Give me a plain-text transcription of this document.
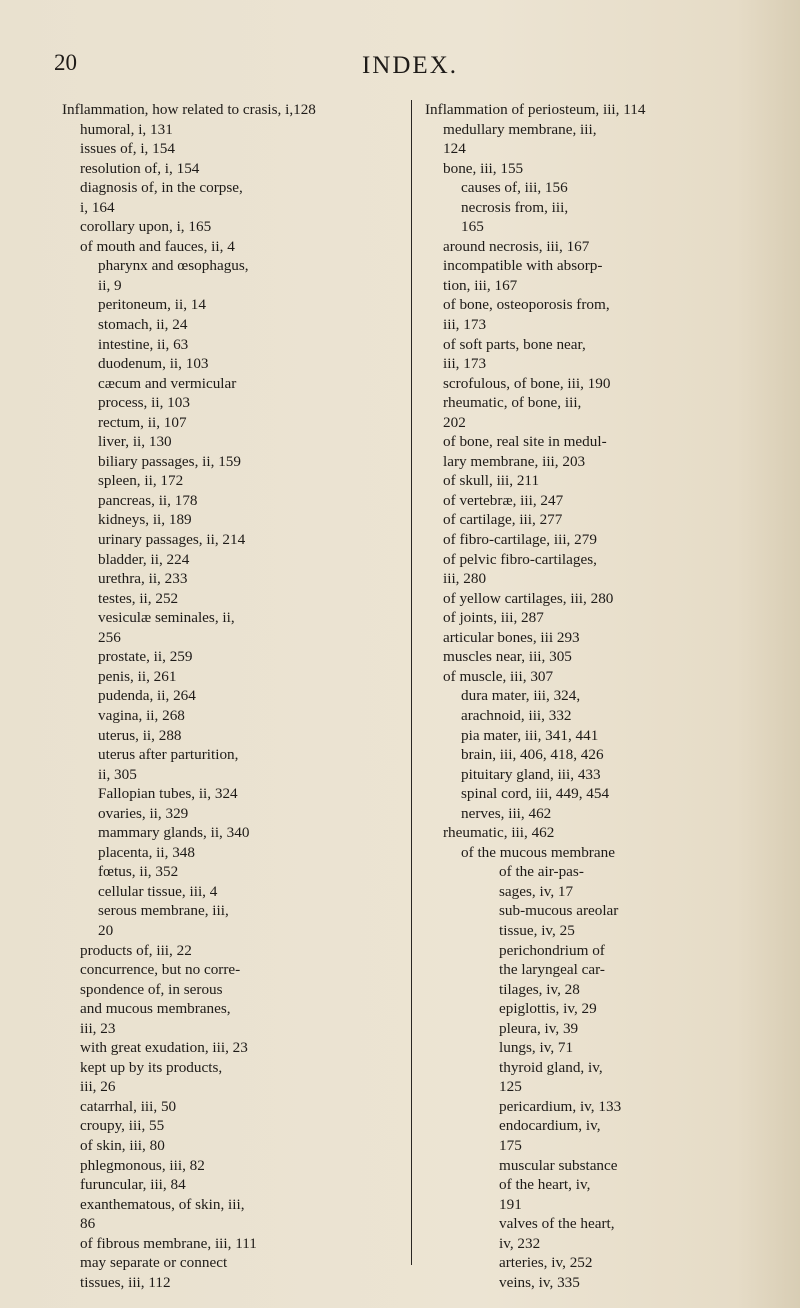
20	INDEX.
Inflammation, how related to crasis, i,128
humoral, i, 131
issues of, i, 154
resolution of, i, 154
diagnosis of, in the corpse,
i, 164
corollary upon, i, 165
of mouth and fauces, ii, 4
pharynx and œsophagus,
ii, 9
peritoneum, ii, 14
stomach, ii, 24
intestine, ii, 63
duodenum, ii, 103
cæcum and vermicular
process, ii, 103
rectum, ii, 107
liver, ii, 130
biliary passages, ii, 159
spleen, ii, 172
pancreas, ii, 178
kidneys, ii, 189
urinary passages, ii, 214
bladder, ii, 224
urethra, ii, 233
testes, ii, 252
vesiculæ seminales, ii,
256
prostate, ii, 259
penis, ii, 261
pudenda, ii, 264
vagina, ii, 268
uterus, ii, 288
uterus after parturition,
ii, 305
Fallopian tubes, ii, 324
ovaries, ii, 329
mammary glands, ii, 340
placenta, ii, 348
fœtus, ii, 352
cellular tissue, iii, 4
serous membrane, iii,
20
products of, iii, 22
concurrence, but no corre-
spondence of, in serous
and mucous membranes,
iii, 23
with great exudation, iii, 23
kept up by its products,
iii, 26
catarrhal, iii, 50
croupy, iii, 55
of skin, iii, 80
phlegmonous, iii, 82
furuncular, iii, 84
exanthematous, of skin, iii,
86
of fibrous membrane, iii, 111
may separate or connect
tissues, iii, 112
Inflammation of periosteum, iii, 114
medullary membrane, iii,
124
bone, iii, 155
causes of, iii, 156
necrosis from, iii,
165
around necrosis, iii, 167
incompatible with absorp-
tion, iii, 167
of bone, osteoporosis from,
iii, 173
of soft parts, bone near,
iii, 173
scrofulous, of bone, iii, 190
rheumatic, of bone, iii,
202
of bone, real site in medul-
lary membrane, iii, 203
of skull, iii, 211
of vertebræ, iii, 247
of cartilage, iii, 277
of fibro-cartilage, iii, 279
of pelvic fibro-cartilages,
iii, 280
of yellow cartilages, iii, 280
of joints, iii, 287
articular bones, iii 293
muscles near, iii, 305
of muscle, iii, 307
dura mater, iii, 324,
arachnoid, iii, 332
pia mater, iii, 341, 441
brain, iii, 406, 418, 426
pituitary gland, iii, 433
spinal cord, iii, 449, 454
nerves, iii, 462
rheumatic, iii, 462
of the mucous membrane
of the air-pas-
sages, iv, 17
sub-mucous areolar
tissue, iv, 25
perichondrium of
the laryngeal car-
tilages, iv, 28
epiglottis, iv, 29
pleura, iv, 39
lungs, iv, 71
thyroid gland, iv,
125
pericardium, iv, 133
endocardium, iv,
175
muscular substance
of the heart, iv,
191
valves of the heart,
iv, 232
arteries, iv, 252
veins, iv, 335
